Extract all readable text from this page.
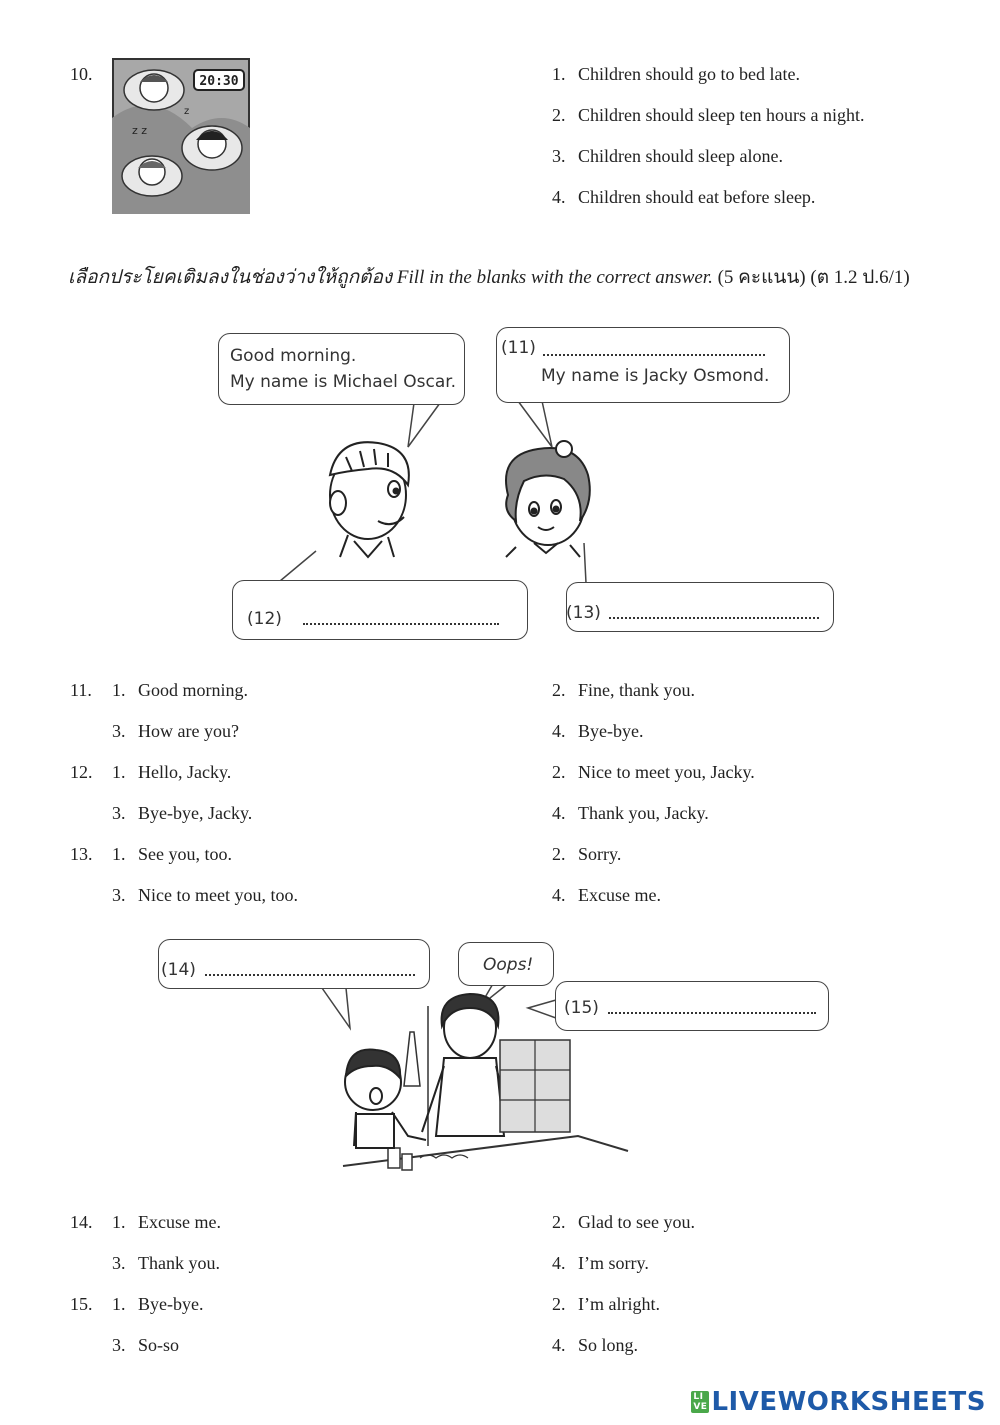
10.
z z
z
20:30	1. Children should go to bed late.
2. Children should sleep ten hours a night.
3. Children should sleep alone.
4. Children should eat before sleep.
เลือกประโยคเติมลงในช่องว่างให้ถูกต้อง Fill in the blanks with the correct answer. (5 คะแนน) (ต 1.2 ป.6/1)
Good morning.
My name is Michael Oscar.
(11)
My name is Jacky Osmond.
(12)	(13)
11. 1. Good morning.	2. Fine, thank you.
3. How are you?	4. Bye-bye.
12. 1. Hello, Jacky.	2. Nice to meet you, Jacky.
3. Bye-bye, Jacky.	4. Thank you, Jacky.
13. 1. See you, too.	2. Sorry.
3. Nice to meet you, too.	4. Excuse me.
(14)	Oops!
(15)
14. 1. Excuse me.	2. Glad to see you.
3. Thank you.	4. I’m sorry.
15. 1. Bye-bye.	2. I’m alright.
3. So-so	4. So long.
LI
VE LIVEWORKSHEETS
